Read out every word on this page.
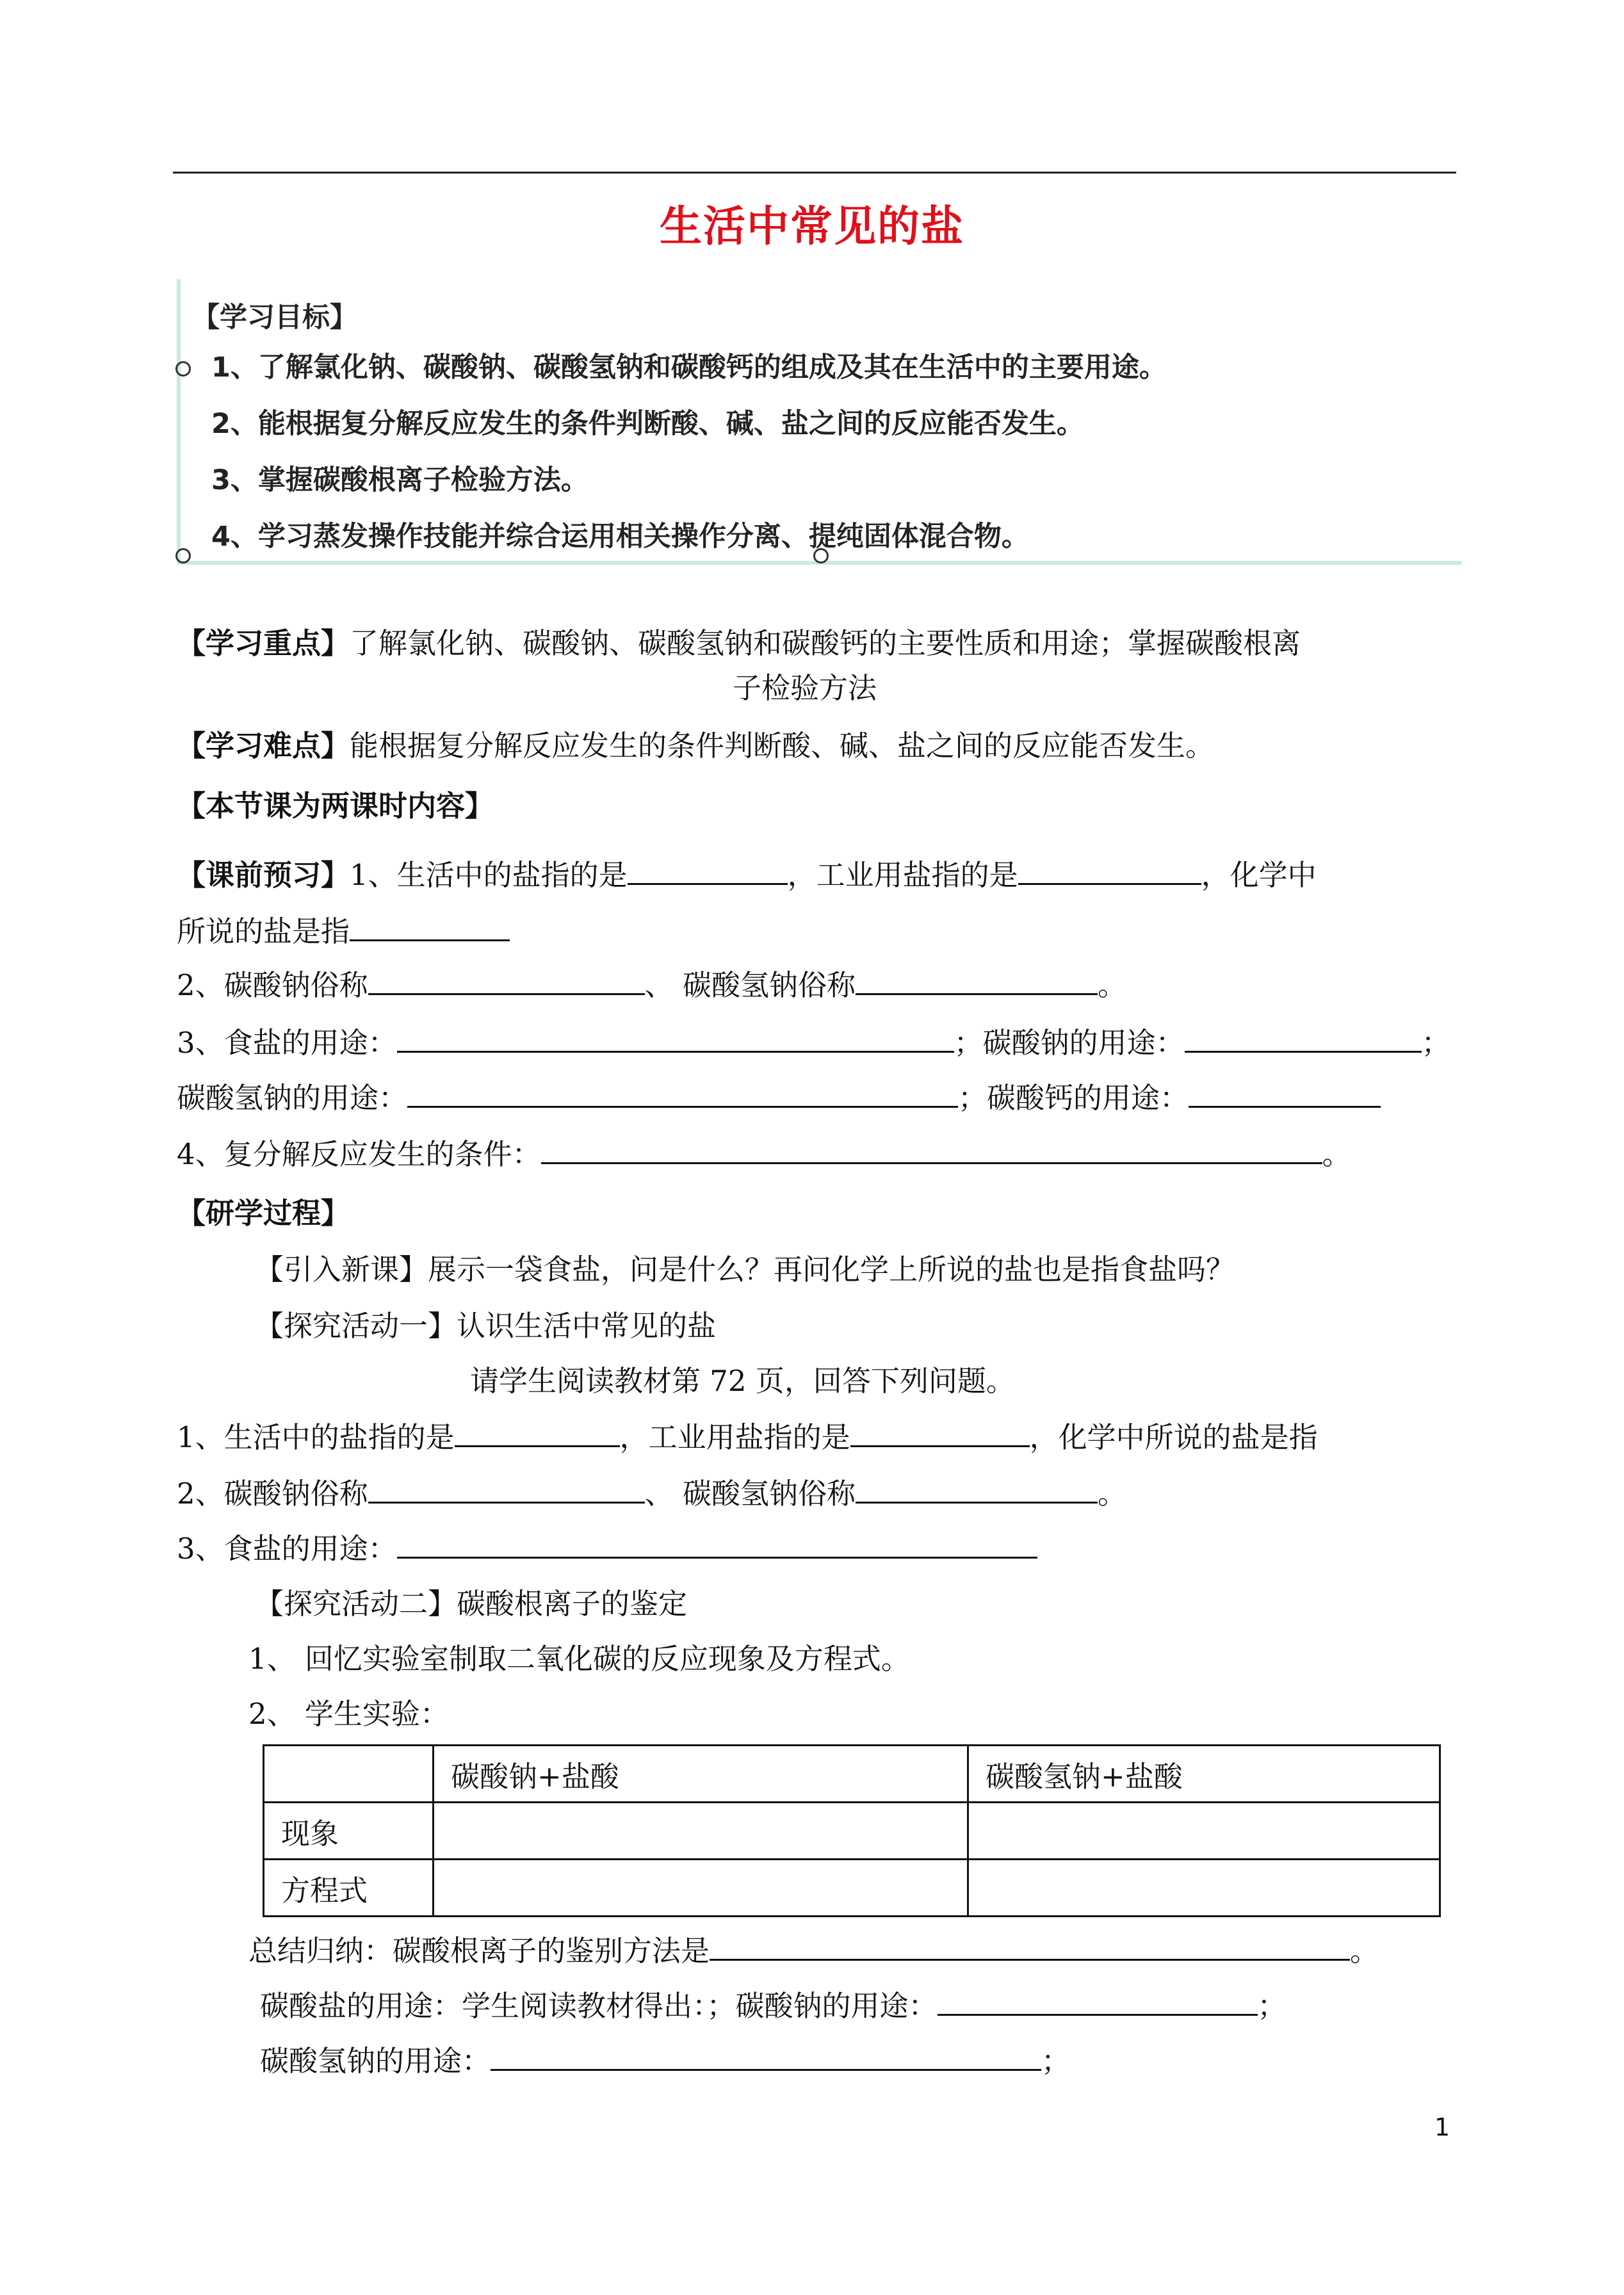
生活中常见的盐
【学习目标】
1、了解氯化钠、碳酸钠、碳酸氢钠和碳酸钙的组成及其在生活中的主要用途。
2、能根据复分解反应发生的条件判断酸、碱、盐之间的反应能否发生。
3、掌握碳酸根离子检验方法。
4、学习蒸发操作技能并综合运用相关操作分离、提纯固体混合物。
【学习重点】了解氯化钠、碳酸钠、碳酸氢钠和碳酸钙的主要性质和用途；掌握碳酸根离
子检验方法
【学习难点】能根据复分解反应发生的条件判断酸、碱、盐之间的反应能否发生。
【本节课为两课时内容】
【课前预习】1、生活中的盐指的是	，工业用盐指的是	，化学中
所说的盐是指
2、碳酸钠俗称	、 碳酸氢钠俗称	。
3、食盐的用途：	；碳酸钠的用途：	；
碳酸氢钠的用途：	；碳酸钙的用途：
4、复分解反应发生的条件：	。
【研学过程】
【引入新课】展示一袋食盐，问是什么？再问化学上所说的盐也是指食盐吗？
【探究活动一】认识生活中常见的盐
请学生阅读教材第 72 页，回答下列问题。
1、生活中的盐指的是	，工业用盐指的是	，化学中所说的盐是指
2、碳酸钠俗称	、 碳酸氢钠俗称	。
3、食盐的用途：
【探究活动二】碳酸根离子的鉴定
1、 回忆实验室制取二氧化碳的反应现象及方程式。
2、 学生实验：
	碳酸钠+盐酸	碳酸氢钠+盐酸
现象		
方程式		
总结归纳：碳酸根离子的鉴别方法是	。
碳酸盐的用途：学生阅读教材得出：；碳酸钠的用途：	；
碳酸氢钠的用途：	；
1
